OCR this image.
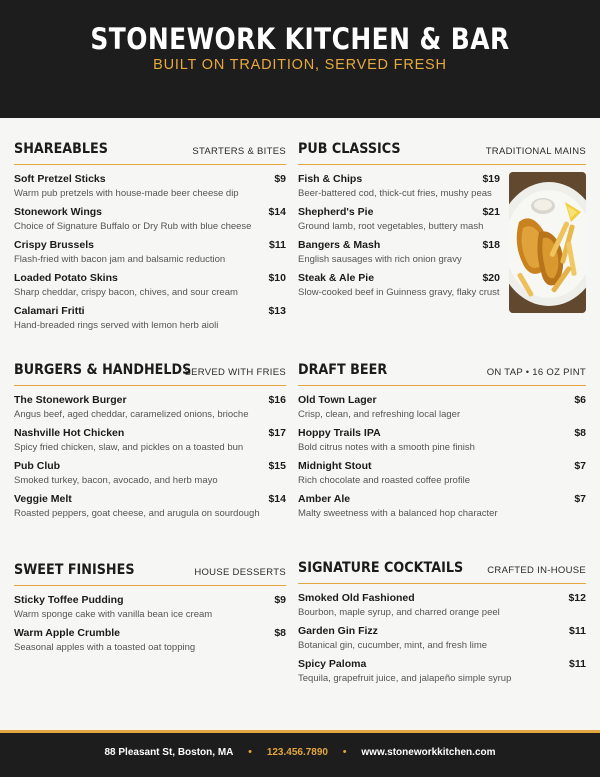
STONEWORK KITCHEN & BAR
BUILT ON TRADITION, SERVED FRESH
SHAREABLES	STARTERS & BITES
Soft Pretzel Sticks	$9
Warm pub pretzels with house-made beer cheese dip
Stonework Wings	$14
Choice of Signature Buffalo or Dry Rub with blue cheese
Crispy Brussels	$11
Flash-fried with bacon jam and balsamic reduction
Loaded Potato Skins	$10
Sharp cheddar, crispy bacon, chives, and sour cream
Calamari Fritti	$13
Hand-breaded rings served with lemon herb aioli
PUB CLASSICS	TRADITIONAL MAINS
Fish & Chips	$19
Beer-battered cod, thick-cut fries, mushy peas
Shepherd's Pie	$21
Ground lamb, root vegetables, buttery mash
Bangers & Mash	$18
English sausages with rich onion gravy
Steak & Ale Pie	$20
Slow-cooked beef in Guinness gravy, flaky crust
BURGERS & HANDHELDS
SERVED WITH FRIES
The Stonework Burger	$16
Angus beef, aged cheddar, caramelized onions, brioche
Nashville Hot Chicken	$17
Spicy fried chicken, slaw, and pickles on a toasted bun
Pub Club	$15
Smoked turkey, bacon, avocado, and herb mayo
Veggie Melt	$14
Roasted peppers, goat cheese, and arugula on sourdough
DRAFT BEER	ON TAP • 16 OZ PINT
Old Town Lager	$6
Crisp, clean, and refreshing local lager
Hoppy Trails IPA	$8
Bold citrus notes with a smooth pine finish
Midnight Stout	$7
Rich chocolate and roasted coffee profile
Amber Ale	$7
Malty sweetness with a balanced hop character
SWEET FINISHES	HOUSE DESSERTS
Sticky Toffee Pudding	$9
Warm sponge cake with vanilla bean ice cream
Warm Apple Crumble	$8
Seasonal apples with a toasted oat topping
SIGNATURE COCKTAILS	CRAFTED IN-HOUSE
Smoked Old Fashioned	$12
Bourbon, maple syrup, and charred orange peel
Garden Gin Fizz	$11
Botanical gin, cucumber, mint, and fresh lime
Spicy Paloma	$11
Tequila, grapefruit juice, and jalapeño simple syrup
88 Pleasant St, Boston, MA • 123.456.7890 • www.stoneworkkitchen.com
